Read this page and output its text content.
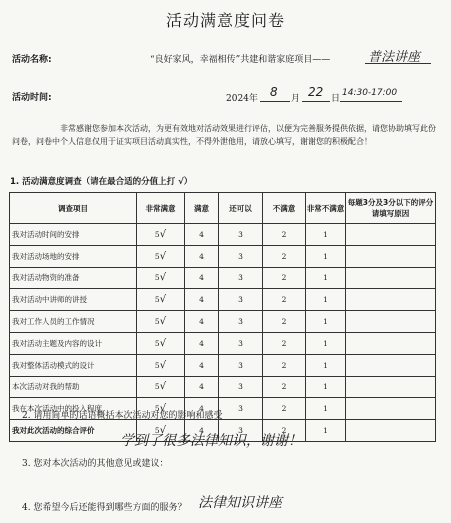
活动满意度问卷
活动名称:	“良好家风，幸福相传”共建和谐家庭项目——	普法讲座
活动时间:	2024年 8 月 22 日
14:30-17:00
非常感谢您参加本次活动，为更有效地对活动效果进行评估，以便为完善服务提供依据，请您协助填写此份问卷，问卷中个人信息仅用于证实项目活动真实性，不得外泄他用，请放心填写，谢谢您的积极配合！
1. 活动满意度调查（请在最合适的分值上打 √）
调查项目	非常满意	满意	还可以	不满意	非常不满意	每题3分及3分以下的评分请填写原因
我对活动时间的安排	5√	4	3	2	1	
我对活动场地的安排	5√	4	3	2	1	
我对活动物资的准备	5√	4	3	2	1	
我对活动中讲师的讲授	5√	4	3	2	1	
我对工作人员的工作情况	5√	4	3	2	1	
我对活动主题及内容的设计	5√	4	3	2	1	
我对整体活动模式的设计	5√	4	3	2	1	
本次活动对我的帮助	5√	4	3	2	1	
我在本次活动中的投入程度	5√	4	3	2	1	
我对此次活动的综合评价	5√	4	3	2	1	
2. 请用简单的话语概括本次活动对您的影响和感受
学到了很多法律知识，谢谢！
3. 您对本次活动的其他意见或建议：
4. 您希望今后还能得到哪些方面的服务？ 法律知识讲座
